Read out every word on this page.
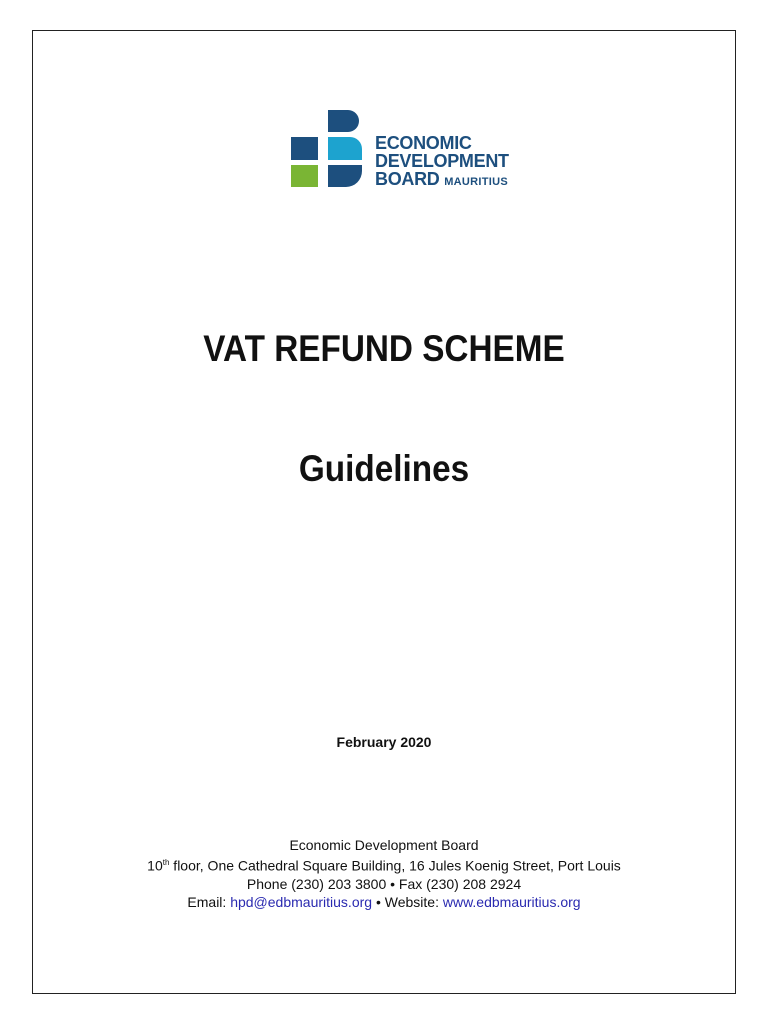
ECONOMIC
DEVELOPMENT
BOARD MAURITIUS
VAT REFUND SCHEME
Guidelines
February 2020
Economic Development Board
10th floor, One Cathedral Square Building, 16 Jules Koenig Street, Port Louis
Phone (230) 203 3800 • Fax (230) 208 2924
Email: hpd@edbmauritius.org • Website: www.edbmauritius.org
